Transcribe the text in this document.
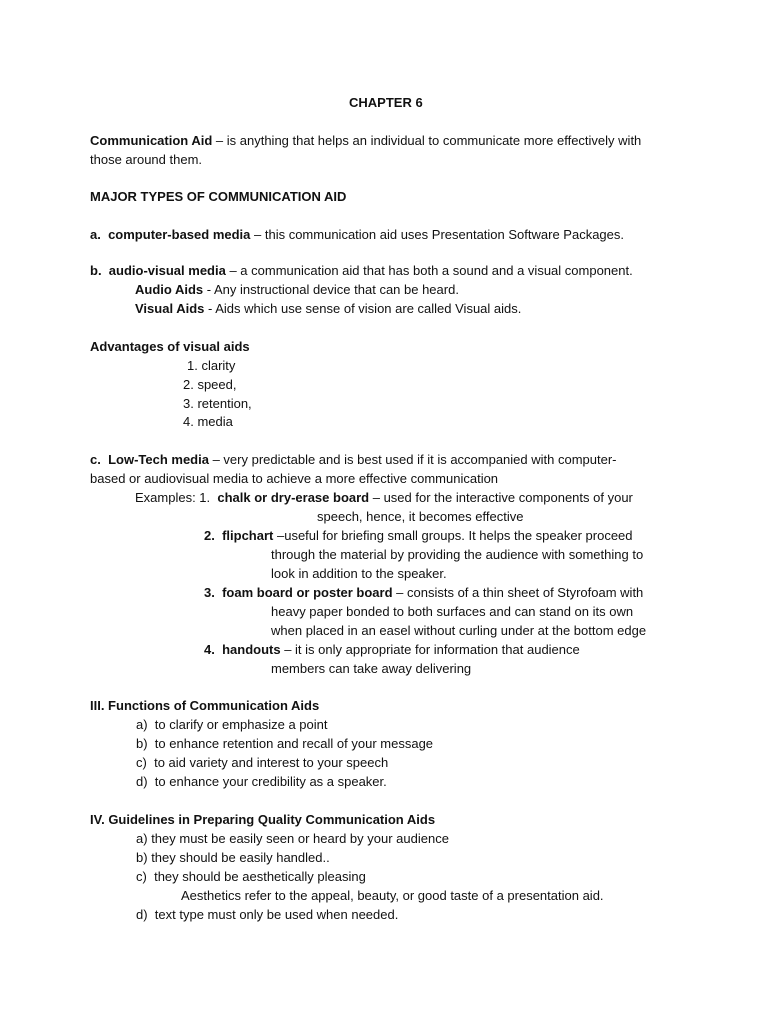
CHAPTER 6
Communication Aid – is anything that helps an individual to communicate more effectively with
those around them.
MAJOR TYPES OF COMMUNICATION AID
a. computer-based media – this communication aid uses Presentation Software Packages.
b. audio-visual media – a communication aid that has both a sound and a visual component.
Audio Aids - Any instructional device that can be heard.
Visual Aids - Aids which use sense of vision are called Visual aids.
Advantages of visual aids
1. clarity
2. speed,
3. retention,
4. media
c. Low-Tech media – very predictable and is best used if it is accompanied with computer-
based or audiovisual media to achieve a more effective communication
Examples: 1. chalk or dry-erase board – used for the interactive components of your
speech, hence, it becomes effective
2. flipchart –useful for briefing small groups. It helps the speaker proceed
through the material by providing the audience with something to
look in addition to the speaker.
3. foam board or poster board – consists of a thin sheet of Styrofoam with
heavy paper bonded to both surfaces and can stand on its own
when placed in an easel without curling under at the bottom edge
4. handouts – it is only appropriate for information that audience
members can take away delivering
III. Functions of Communication Aids
a) to clarify or emphasize a point
b) to enhance retention and recall of your message
c) to aid variety and interest to your speech
d) to enhance your credibility as a speaker.
IV. Guidelines in Preparing Quality Communication Aids
a) they must be easily seen or heard by your audience
b) they should be easily handled..
c) they should be aesthetically pleasing
Aesthetics refer to the appeal, beauty, or good taste of a presentation aid.
d) text type must only be used when needed.
